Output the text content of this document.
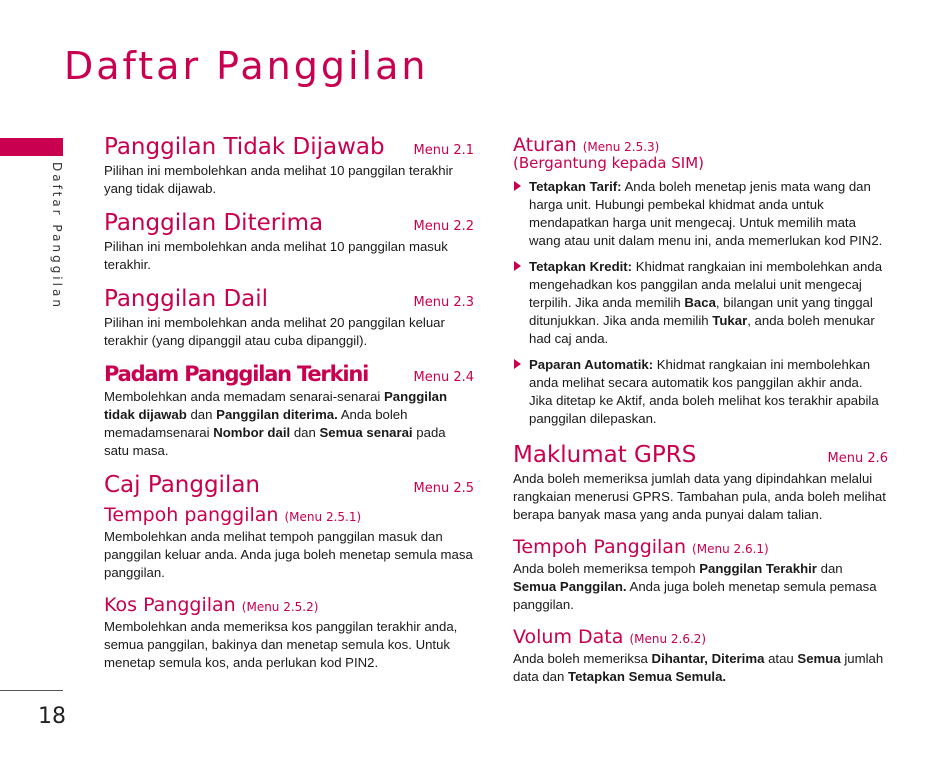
Daftar Panggilan
Daftar Panggilan
18
Panggilan Tidak Dijawab Menu 2.1

Pilihan ini membolehkan anda melihat 10 panggilan terakhir yang tidak dijawab.

Panggilan Diterima	Menu 2.2

Pilihan ini membolehkan anda melihat 10 panggilan masuk terakhir.

Panggilan Dail	Menu 2.3

Pilihan ini membolehkan anda melihat 20 panggilan keluar terakhir (yang dipanggil atau cuba dipanggil).

Padam Panggilan Terkini	Menu 2.4

Membolehkan anda memadam senarai-senarai Panggilan tidak dijawab dan Panggilan diterima. Anda boleh memadamsenarai Nombor dail dan Semua senarai pada satu masa.

Caj Panggilan	Menu 2.5
Tempoh panggilan (Menu 2.5.1)

Membolehkan anda melihat tempoh panggilan masuk dan panggilan keluar anda. Anda juga boleh menetap semula masa panggilan.

Kos Panggilan (Menu 2.5.2)

Membolehkan anda memeriksa kos panggilan terakhir anda, semua panggilan, bakinya dan menetap semula kos. Untuk menetap semula kos, anda perlukan kod PIN2.

Aturan (Menu 2.5.3)
(Bergantung kepada SIM)
Tetapkan Tarif: Anda boleh menetap jenis mata wang dan harga unit. Hubungi pembekal khidmat anda untuk mendapatkan harga unit mengecaj. Untuk memilih mata wang atau unit dalam menu ini, anda memerlukan kod PIN2.
Tetapkan Kredit: Khidmat rangkaian ini membolehkan anda mengehadkan kos panggilan anda melalui unit mengecaj terpilih. Jika anda memilih Baca, bilangan unit yang tinggal ditunjukkan. Jika anda memilih Tukar, anda boleh menukar had caj anda.
Paparan Automatik: Khidmat rangkaian ini membolehkan anda melihat secara automatik kos panggilan akhir anda. Jika ditetap ke Aktif, anda boleh melihat kos terakhir apabila panggilan dilepaskan.
Maklumat GPRS	Menu 2.6

Anda boleh memeriksa jumlah data yang dipindahkan melalui rangkaian menerusi GPRS. Tambahan pula, anda boleh melihat berapa banyak masa yang anda punyai dalam talian.

Tempoh Panggilan (Menu 2.6.1)

Anda boleh memeriksa tempoh Panggilan Terakhir dan Semua Panggilan. Anda juga boleh menetap semula pemasa panggilan.

Volum Data (Menu 2.6.2)

Anda boleh memeriksa Dihantar, Diterima atau Semua jumlah data dan Tetapkan Semua Semula.
